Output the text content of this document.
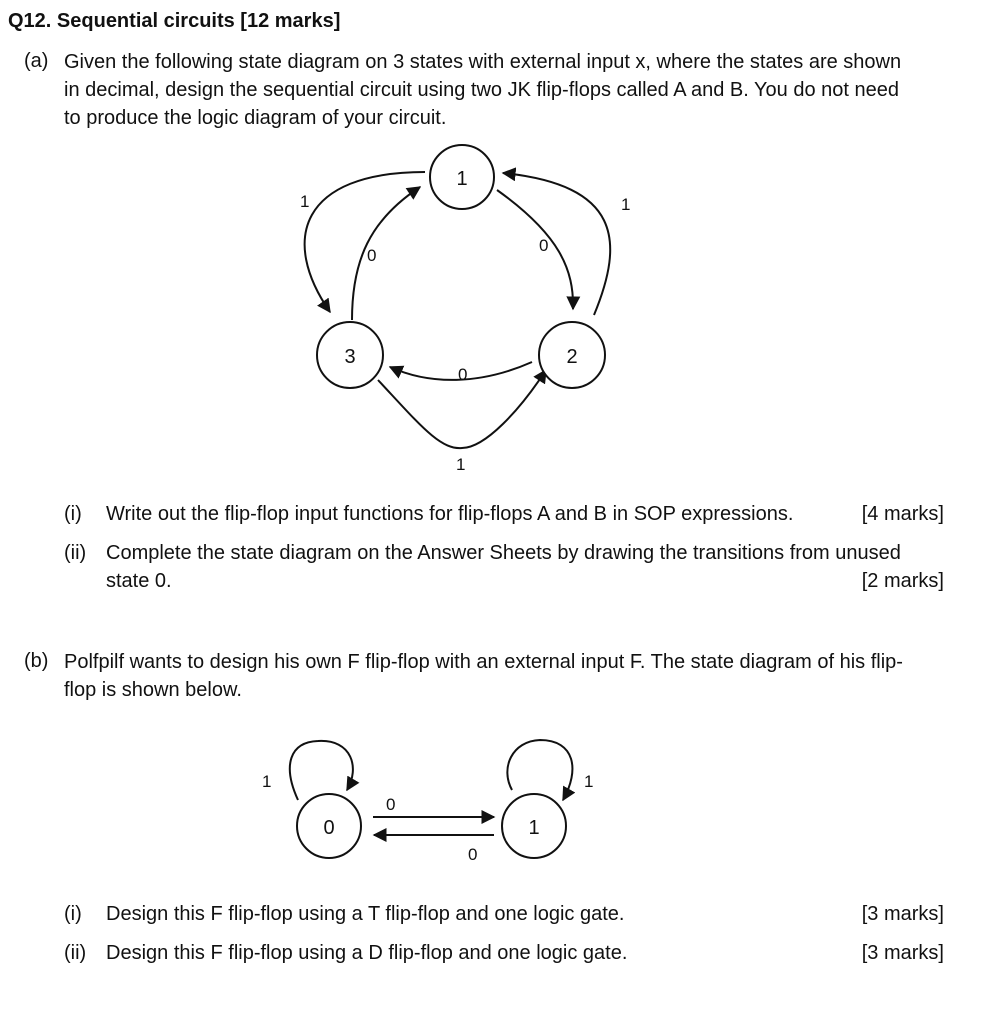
Q12. Sequential circuits [12 marks]
(a) Given the following state diagram on 3 states with external input x, where the states are shown
in decimal, design the sequential circuit using two JK flip-flops called A and B. You do not need
to produce the logic diagram of your circuit.
1
2
3
1	1
0
0
0
1
(i) Write out the flip-flop input functions for flip-flops A and B in SOP expressions.	[4 marks]
(ii) Complete the state diagram on the Answer Sheets by drawing the transitions from unused
state 0.	[2 marks]
(b) Polfpilf wants to design his own F flip-flop with an external input F. The state diagram of his flip-
flop is shown below.
0	1
1	1
0
0
(i) Design this F flip-flop using a T flip-flop and one logic gate.	[3 marks]
(ii) Design this F flip-flop using a D flip-flop and one logic gate.	[3 marks]
